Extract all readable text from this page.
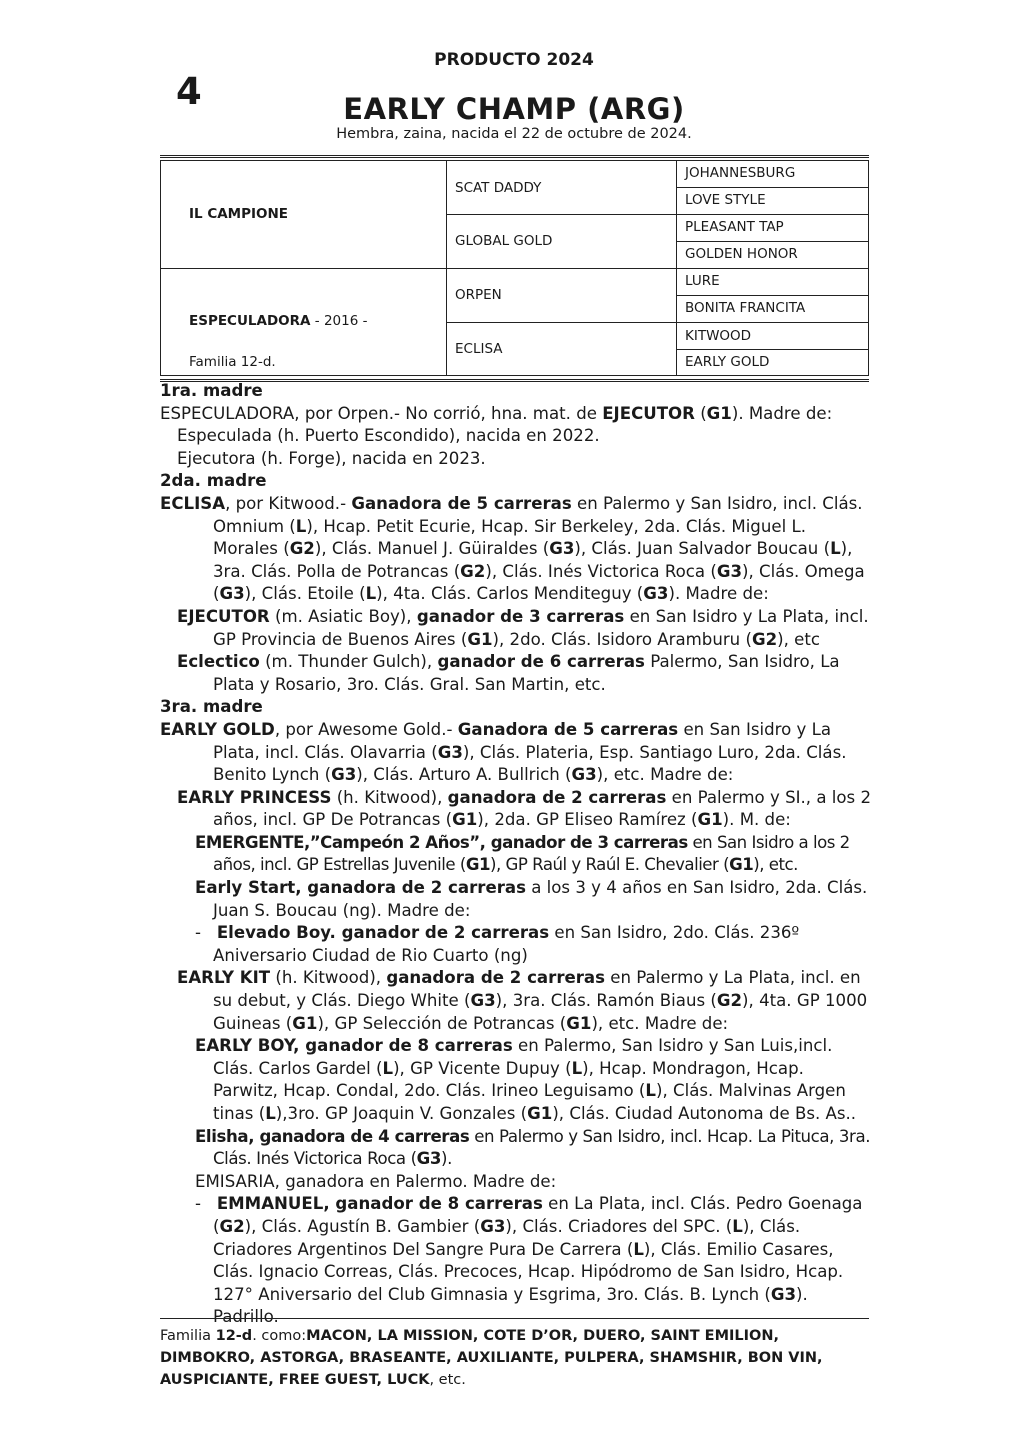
4
PRODUCTO 2024
EARLY CHAMP (ARG)
Hembra, zaina, nacida el 22 de octubre de 2024.
IL CAMPIONE
ESPECULADORA - 2016 -
Familia 12-d.
SCAT DADDY
GLOBAL GOLD
ORPEN
ECLISA
JOHANNESBURG
LOVE STYLE
PLEASANT TAP
GOLDEN HONOR
LURE
BONITA FRANCITA
KITWOOD
EARLY GOLD

1ra. madre

ESPECULADORA, por Orpen.- No corrió, hna. mat. de EJECUTOR (G1). Madre de:

Especulada (h. Puerto Escondido), nacida en 2022.

Ejecutora (h. Forge), nacida en 2023.

2da. madre

ECLISA, por Kitwood.- Ganadora de 5 carreras en Palermo y San Isidro, incl. Clás. Omnium (L), Hcap. Petit Ecurie, Hcap. Sir Berkeley, 2da. Clás. Miguel L. Morales (G2), Clás. Manuel J. Güiraldes (G3), Clás. Juan Salvador Boucau (L), 3ra. Clás. Polla de Potrancas (G2), Clás. Inés Victorica Roca (G3), Clás. Omega (G3), Clás. Etoile (L), 4ta. Clás. Carlos Menditeguy (G3). Madre de:

EJECUTOR (m. Asiatic Boy), ganador de 3 carreras en San Isidro y La Plata, incl. GP Provincia de Buenos Aires (G1), 2do. Clás. Isidoro Aramburu (G2), etc

Eclectico (m. Thunder Gulch), ganador de 6 carreras Palermo, San Isidro, La Plata y Rosario, 3ro. Clás. Gral. San Martin, etc.

3ra. madre

EARLY GOLD, por Awesome Gold.- Ganadora de 5 carreras en San Isidro y La Plata, incl. Clás. Olavarria (G3), Clás. Plateria, Esp. Santiago Luro, 2da. Clás. Benito Lynch (G3), Clás. Arturo A. Bullrich (G3), etc. Madre de:

EARLY PRINCESS (h. Kitwood), ganadora de 2 carreras en Palermo y SI., a los 2 años, incl. GP De Potrancas (G1), 2da. GP Eliseo Ramírez (G1). M. de:

EMERGENTE,”Campeón 2 Años”, ganador de 3 carreras en San Isidro a los 2 años, incl. GP Estrellas Juvenile (G1), GP Raúl y Raúl E. Chevalier (G1), etc.

Early Start, ganadora de 2 carreras a los 3 y 4 años en San Isidro, 2da. Clás. Juan S. Boucau (ng). Madre de:

- Elevado Boy. ganador de 2 carreras en San Isidro, 2do. Clás. 236º Aniversario Ciudad de Rio Cuarto (ng)

EARLY KIT (h. Kitwood), ganadora de 2 carreras en Palermo y La Plata, incl. en su debut, y Clás. Diego White (G3), 3ra. Clás. Ramón Biaus (G2), 4ta. GP 1000 Guineas (G1), GP Selección de Potrancas (G1), etc. Madre de:

EARLY BOY, ganador de 8 carreras en Palermo, San Isidro y San Luis,incl. Clás. Carlos Gardel (L), GP Vicente Dupuy (L), Hcap. Mondragon, Hcap. Parwitz, Hcap. Condal, 2do. Clás. Irineo Leguisamo (L), Clás. Malvinas Argen tinas (L),3ro. GP Joaquin V. Gonzales (G1), Clás. Ciudad Autonoma de Bs. As..

Elisha, ganadora de 4 carreras en Palermo y San Isidro, incl. Hcap. La Pituca, 3ra. Clás. Inés Victorica Roca (G3).

EMISARIA, ganadora en Palermo. Madre de:

- EMMANUEL, ganador de 8 carreras en La Plata, incl. Clás. Pedro Goenaga (G2), Clás. Agustín B. Gambier (G3), Clás. Criadores del SPC. (L), Clás. Criadores Argentinos Del Sangre Pura De Carrera (L), Clás. Emilio Casares, Clás. Ignacio Correas, Clás. Precoces, Hcap. Hipódromo de San Isidro, Hcap. 127° Aniversario del Club Gimnasia y Esgrima, 3ro. Clás. B. Lynch (G3). Padrillo.

Familia 12-d. como:MACON, LA MISSION, COTE D’OR, DUERO, SAINT EMILION, DIMBOKRO, ASTORGA, BRASEANTE, AUXILIANTE, PULPERA, SHAMSHIR, BON VIN, AUSPICIANTE, FREE GUEST, LUCK, etc.
